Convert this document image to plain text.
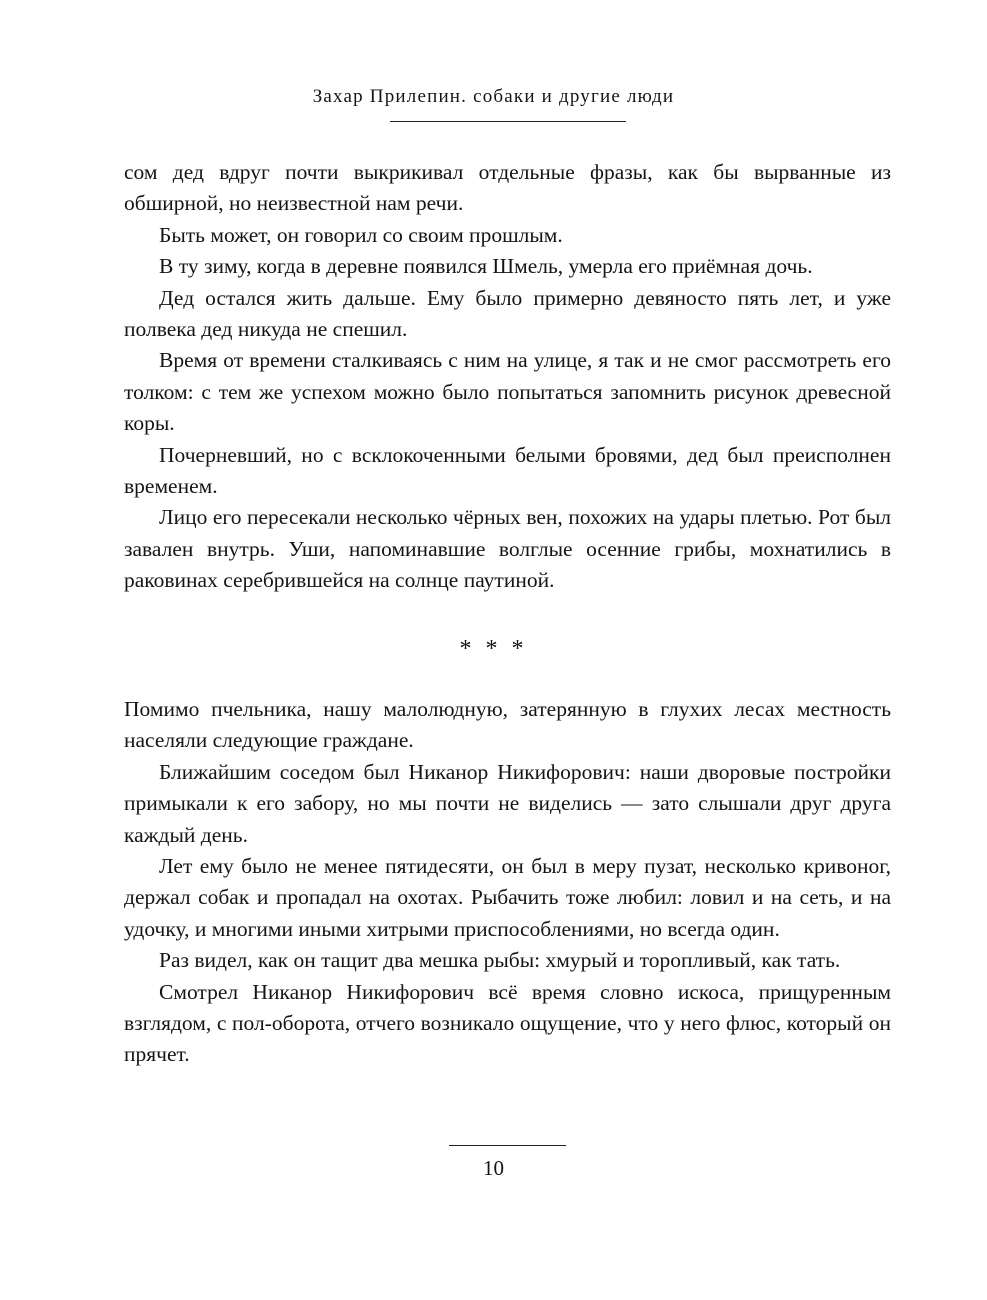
Захар Прилепин. собаки и другие люди

сом дед вдруг почти выкрикивал отдельные фразы, как бы вырванные из обширной, но неизвестной нам речи.

Быть может, он говорил со своим прошлым.

В ту зиму, когда в деревне появился Шмель, умерла его приёмная дочь.

Дед остался жить дальше. Ему было примерно девяносто пять лет, и уже полвека дед никуда не спешил.

Время от времени сталкиваясь с ним на улице, я так и не смог рассмотреть его толком: с тем же успехом можно было попытаться запомнить рисунок древесной коры.

Почерневший, но с всклокоченными белыми бровями, дед был преисполнен временем.

Лицо его пересекали несколько чёрных вен, похожих на удары плетью. Рот был завален внутрь. Уши, напоминавшие волглые осенние грибы, мохнатились в раковинах серебрившейся на солнце паутиной.

* * *

Помимо пчельника, нашу малолюдную, затерянную в глухих лесах местность населяли следующие граждане.

Ближайшим соседом был Никанор Никифорович: наши дворовые постройки примыкали к его забору, но мы почти не виделись — зато слышали друг друга каждый день.

Лет ему было не менее пятидесяти, он был в меру пузат, несколько кривоног, держал собак и пропадал на охотах. Рыбачить тоже любил: ловил и на сеть, и на удочку, и многими иными хитрыми приспособлениями, но всегда один.

Раз видел, как он тащит два мешка рыбы: хмурый и торопливый, как тать.

Смотрел Никанор Никифорович всё время словно искоса, прищуренным взглядом, с пол-оборота, отчего возникало ощущение, что у него флюс, который он прячет.

10
